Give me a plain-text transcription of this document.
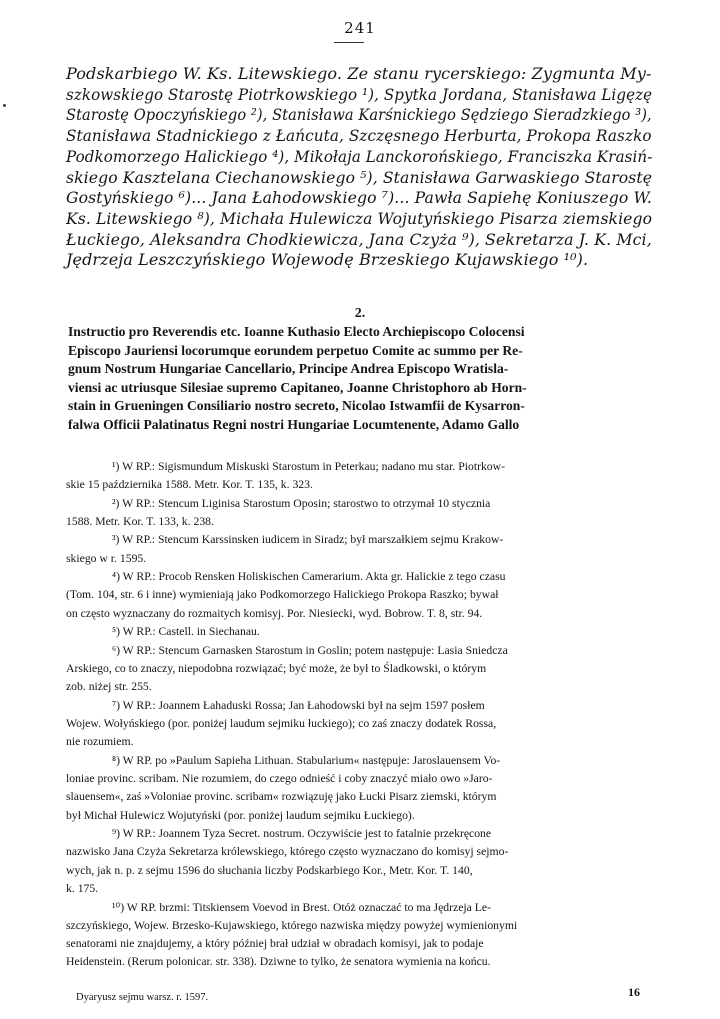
241
Podskarbiego W. Ks. Litewskiego. Ze stanu rycerskiego: Zygmunta My-
szkowskiego Starostę Piotrkowskiego ¹), Spytka Jordana, Stanisława Ligęzę
Starostę Opoczyńskiego ²), Stanisława Karśnickiego Sędziego Sieradzkiego ³),
Stanisława Stadnickiego z Łańcuta, Szczęsnego Herburta, Prokopa Raszko
Podkomorzego Halickiego ⁴), Mikołaja Lanckorońskiego, Franciszka Krasiń-
skiego Kasztelana Ciechanowskiego ⁵), Stanisława Garwaskiego Starostę
Gostyńskiego ⁶)... Jana Łahodowskiego ⁷)... Pawła Sapiehę Koniuszego W.
Ks. Litewskiego ⁸), Michała Hulewicza Wojutyńskiego Pisarza ziemskiego
Łuckiego, Aleksandra Chodkiewicza, Jana Czyża ⁹), Sekretarza J. K. Mci,
Jędrzeja Leszczyńskiego Wojewodę Brzeskiego Kujawskiego ¹⁰).
2.
Instructio pro Reverendis etc. Ioanne Kuthasio Electo Archiepiscopo Colocensi
Episcopo Jauriensi locorumque eorundem perpetuo Comite ac summo per Re-
gnum Nostrum Hungariae Cancellario, Principe Andrea Episcopo Wratisla-
viensi ac utriusque Silesiae supremo Capitaneo, Joanne Christophoro ab Horn-
stain in Grueningen Consiliario nostro secreto, Nicolao Istwamfii de Kysarron-
falwa Officii Palatinatus Regni nostri Hungariae Locumtenente, Adamo Gallo
¹) W RP.: Sigismundum Miskuski Starostum in Peterkau; nadano mu star. Piotrkow-
skie 15 października 1588. Metr. Kor. T. 135, k. 323.
²) W RP.: Stencum Liginisa Starostum Oposin; starostwo to otrzymał 10 stycznia
1588. Metr. Kor. T. 133, k. 238.
³) W RP.: Stencum Karssinsken iudicem in Siradz; był marszałkiem sejmu Krakow-
skiego w r. 1595.
⁴) W RP.: Procob Rensken Holiskischen Camerarium. Akta gr. Halickie z tego czasu
(Tom. 104, str. 6 i inne) wymieniają jako Podkomorzego Halickiego Prokopa Raszko; bywał
on często wyznaczany do rozmaitych komisyj. Por. Niesiecki, wyd. Bobrow. T. 8, str. 94.
⁵) W RP.: Castell. in Siechanau.
⁶) W RP.: Stencum Garnasken Starostum in Goslin; potem następuje: Lasia Sniedcza
Arskiego, co to znaczy, niepodobna rozwiązać; być może, że był to Śladkowski, o którym
zob. niżej str. 255.
⁷) W RP.: Joannem Łahaduski Rossa; Jan Łahodowski był na sejm 1597 posłem
Wojew. Wołyńskiego (por. poniżej laudum sejmiku łuckiego); co zaś znaczy dodatek Rossa,
nie rozumiem.
⁸) W RP. po »Paulum Sapieha Lithuan. Stabularium« następuje: Jaroslauensem Vo-
loniae provinc. scribam. Nie rozumiem, do czego odnieść i coby znaczyć miało owo »Jaro-
slauensem«, zaś »Voloniae provinc. scribam« rozwiązuję jako Łucki Pisarz ziemski, którym
był Michał Hulewicz Wojutyński (por. poniżej laudum sejmiku Łuckiego).
⁹) W RP.: Joannem Tyza Secret. nostrum. Oczywiście jest to fatalnie przekręcone
nazwisko Jana Czyża Sekretarza królewskiego, którego często wyznaczano do komisyj sejmo-
wych, jak n. p. z sejmu 1596 do słuchania liczby Podskarbiego Kor., Metr. Kor. T. 140,
k. 175.
¹⁰) W RP. brzmi: Titskiensem Voevod in Brest. Otóż oznaczać to ma Jędrzeja Le-
szczyńskiego, Wojew. Brzesko-Kujawskiego, którego nazwiska między powyżej wymienionymi
senatorami nie znajdujemy, a który później brał udział w obradach komisyi, jak to podaje
Heidenstein. (Rerum polonicar. str. 338). Dziwne to tylko, że senatora wymienia na końcu.
Dyaryusz sejmu warsz. r. 1597.	16
